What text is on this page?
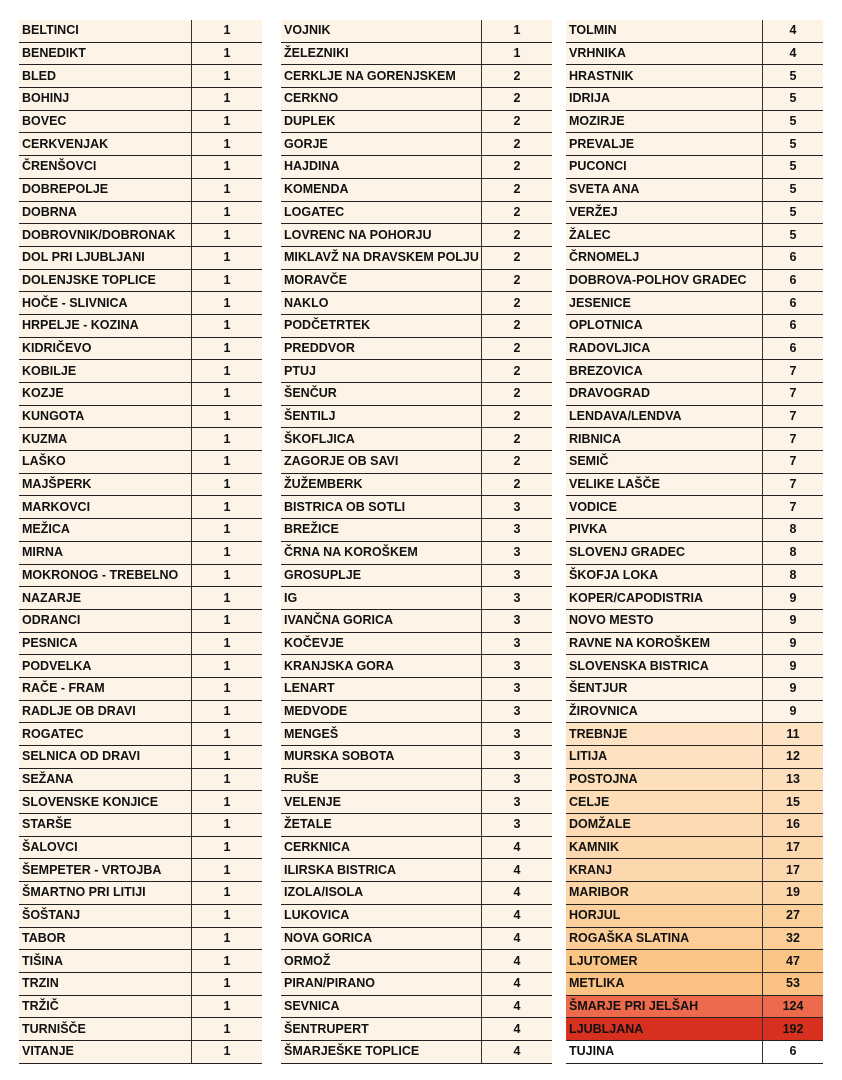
BELTINCI	1
BENEDIKT	1
BLED	1
BOHINJ	1
BOVEC	1
CERKVENJAK	1
ČRENŠOVCI	1
DOBREPOLJE	1
DOBRNA	1
DOBROVNIK/DOBRONAK	1
DOL PRI LJUBLJANI	1
DOLENJSKE TOPLICE	1
HOČE - SLIVNICA	1
HRPELJE - KOZINA	1
KIDRIČEVO	1
KOBILJE	1
KOZJE	1
KUNGOTA	1
KUZMA	1
LAŠKO	1
MAJŠPERK	1
MARKOVCI	1
MEŽICA	1
MIRNA	1
MOKRONOG - TREBELNO	1
NAZARJE	1
ODRANCI	1
PESNICA	1
PODVELKA	1
RAČE - FRAM	1
RADLJE OB DRAVI	1
ROGATEC	1
SELNICA OD DRAVI	1
SEŽANA	1
SLOVENSKE KONJICE	1
STARŠE	1
ŠALOVCI	1
ŠEMPETER - VRTOJBA	1
ŠMARTNO PRI LITIJI	1
ŠOŠTANJ	1
TABOR	1
TIŠINA	1
TRZIN	1
TRŽIČ	1
TURNIŠČE	1
VITANJE	1
VOJNIK	1
ŽELEZNIKI	1
CERKLJE NA GORENJSKEM	2
CERKNO	2
DUPLEK	2
GORJE	2
HAJDINA	2
KOMENDA	2
LOGATEC	2
LOVRENC NA POHORJU	2
MIKLAVŽ NA DRAVSKEM POLJU	2
MORAVČE	2
NAKLO	2
PODČETRTEK	2
PREDDVOR	2
PTUJ	2
ŠENČUR	2
ŠENTILJ	2
ŠKOFLJICA	2
ZAGORJE OB SAVI	2
ŽUŽEMBERK	2
BISTRICA OB SOTLI	3
BREŽICE	3
ČRNA NA KOROŠKEM	3
GROSUPLJE	3
IG	3
IVANČNA GORICA	3
KOČEVJE	3
KRANJSKA GORA	3
LENART	3
MEDVODE	3
MENGEŠ	3
MURSKA SOBOTA	3
RUŠE	3
VELENJE	3
ŽETALE	3
CERKNICA	4
ILIRSKA BISTRICA	4
IZOLA/ISOLA	4
LUKOVICA	4
NOVA GORICA	4
ORMOŽ	4
PIRAN/PIRANO	4
SEVNICA	4
ŠENTRUPERT	4
ŠMARJEŠKE TOPLICE	4
TOLMIN	4
VRHNIKA	4
HRASTNIK	5
IDRIJA	5
MOZIRJE	5
PREVALJE	5
PUCONCI	5
SVETA ANA	5
VERŽEJ	5
ŽALEC	5
ČRNOMELJ	6
DOBROVA-POLHOV GRADEC	6
JESENICE	6
OPLOTNICA	6
RADOVLJICA	6
BREZOVICA	7
DRAVOGRAD	7
LENDAVA/LENDVA	7
RIBNICA	7
SEMIČ	7
VELIKE LAŠČE	7
VODICE	7
PIVKA	8
SLOVENJ GRADEC	8
ŠKOFJA LOKA	8
KOPER/CAPODISTRIA	9
NOVO MESTO	9
RAVNE NA KOROŠKEM	9
SLOVENSKA BISTRICA	9
ŠENTJUR	9
ŽIROVNICA	9
TREBNJE	11
LITIJA	12
POSTOJNA	13
CELJE	15
DOMŽALE	16
KAMNIK	17
KRANJ	17
MARIBOR	19
HORJUL	27
ROGAŠKA SLATINA	32
LJUTOMER	47
METLIKA	53
ŠMARJE PRI JELŠAH	124
LJUBLJANA	192
TUJINA	6
